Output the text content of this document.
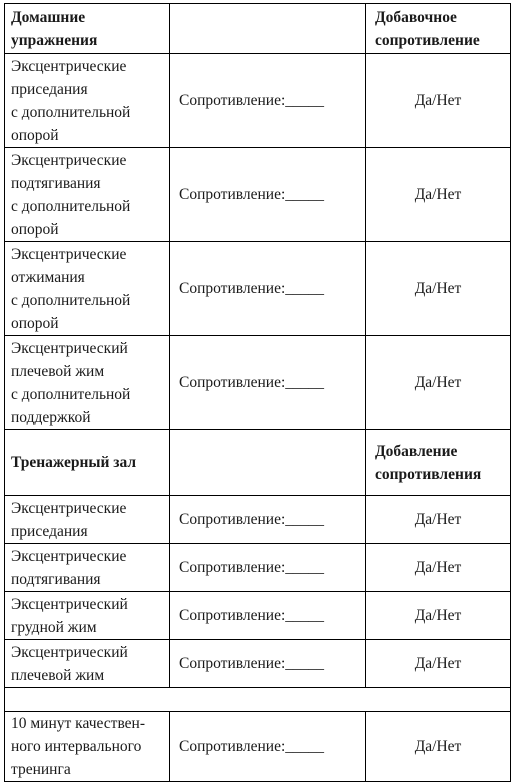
Домашние упражнения		Добавочное сопротивление

Эксцентрические
приседания
с дополнительной
опорой	Сопротивление:_____	Да/Нет

Эксцентрические
подтягивания
с дополнительной
опорой	Сопротивление:_____	Да/Нет

Эксцентрические
отжимания
с дополнительной
опорой	Сопротивление:_____	Да/Нет

Эксцентрический
плечевой жим
с дополнительной
поддержкой	Сопротивление:_____	Да/Нет
Тренажерный зал		Добавление сопротивления

Эксцентрические
приседания	Сопротивление:_____	Да/Нет

Эксцентрические
подтягивания	Сопротивление:_____	Да/Нет

Эксцентрический
грудной жим	Сопротивление:_____	Да/Нет

Эксцентрический
плечевой жим	Сопротивление:_____	Да/Нет

10 минут качествен-
ного интервального
тренинга	Сопротивление:_____	Да/Нет
